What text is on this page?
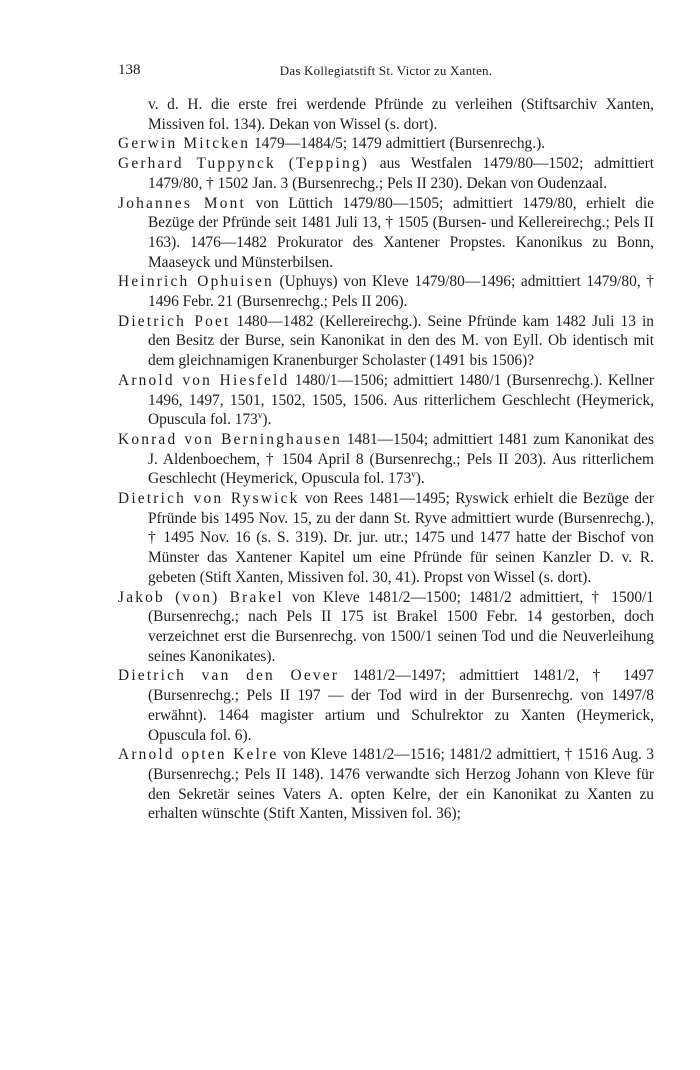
138	Das Kollegiatstift St. Victor zu Xanten.

v. d. H. die erste frei werdende Pfründe zu verleihen (Stiftsarchiv Xanten, Missiven fol. 134). Dekan von Wissel (s. dort).

Gerwin Mitcken 1479—1484/5; 1479 admittiert (Bursenrechg.).

Gerhard Tuppynck (Tepping) aus Westfalen 1479/80—1502; admittiert 1479/80, † 1502 Jan. 3 (Bursenrechg.; Pels II 230). Dekan von Oudenzaal.

Johannes Mont von Lüttich 1479/80—1505; admittiert 1479/80, erhielt die Bezüge der Pfründe seit 1481 Juli 13, † 1505 (Bursen- und Kellereirechg.; Pels II 163). 1476—1482 Prokurator des Xantener Propstes. Kanonikus zu Bonn, Maaseyck und Münsterbilsen.

Heinrich Ophuisen (Uphuys) von Kleve 1479/80—1496; admittiert 1479/80, † 1496 Febr. 21 (Bursenrechg.; Pels II 206).

Dietrich Poet 1480—1482 (Kellereirechg.). Seine Pfründe kam 1482 Juli 13 in den Besitz der Burse, sein Kanonikat in den des M. von Eyll. Ob identisch mit dem gleichnamigen Kranenburger Scholaster (1491 bis 1506)?

Arnold von Hiesfeld 1480/1—1506; admittiert 1480/1 (Bursenrechg.). Kellner 1496, 1497, 1501, 1502, 1505, 1506. Aus ritterlichem Geschlecht (Heymerick, Opuscula fol. 173$^v$).

Konrad von Berninghausen 1481—1504; admittiert 1481 zum Kanonikat des J. Aldenboechem, † 1504 April 8 (Bursenrechg.; Pels II 203). Aus ritterlichem Geschlecht (Heymerick, Opuscula fol. 173$^v$).

Dietrich von Ryswick von Rees 1481—1495; Ryswick erhielt die Bezüge der Pfründe bis 1495 Nov. 15, zu der dann St. Ryve admittiert wurde (Bursenrechg.), † 1495 Nov. 16 (s. S. 319). Dr. jur. utr.; 1475 und 1477 hatte der Bischof von Münster das Xantener Kapitel um eine Pfründe für seinen Kanzler D. v. R. gebeten (Stift Xanten, Missiven fol. 30, 41). Propst von Wissel (s. dort).

Jakob (von) Brakel von Kleve 1481/2—1500; 1481/2 admittiert, † 1500/1 (Bursenrechg.; nach Pels II 175 ist Brakel 1500 Febr. 14 gestorben, doch verzeichnet erst die Bursenrechg. von 1500/1 seinen Tod und die Neuverleihung seines Kanonikates).

Dietrich van den Oever 1481/2—1497; admittiert 1481/2, † 1497 (Bursenrechg.; Pels II 197 — der Tod wird in der Bursenrechg. von 1497/8 erwähnt). 1464 magister artium und Schulrektor zu Xanten (Heymerick, Opuscula fol. 6).

Arnold opten Kelre von Kleve 1481/2—1516; 1481/2 admittiert, † 1516 Aug. 3 (Bursenrechg.; Pels II 148). 1476 verwandte sich Herzog Johann von Kleve für den Sekretär seines Vaters A. opten Kelre, der ein Kanonikat zu Xanten zu erhalten wünschte (Stift Xanten, Missiven fol. 36);
